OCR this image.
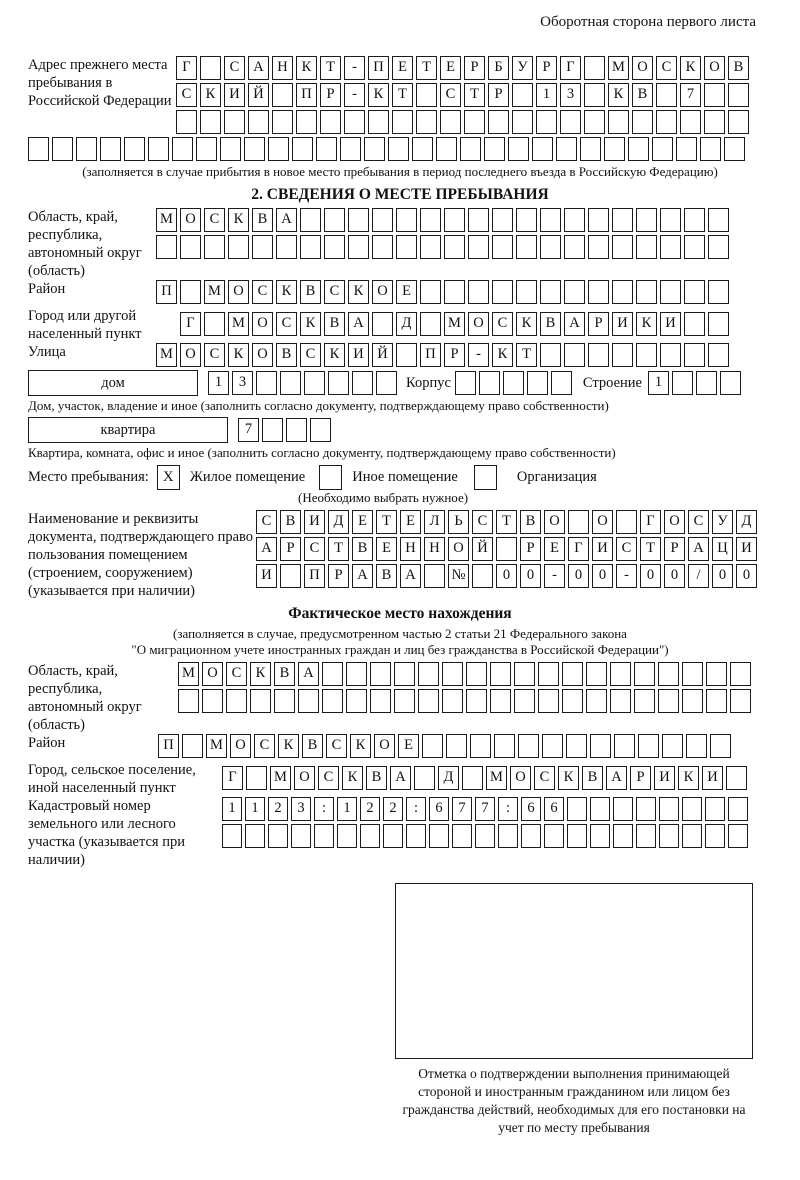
Оборотная сторона первого листа
Адрес прежнего места пребывания в Российской Федерации
Г	С А Н К Т - П Е Т Е Р Б У Р Г	М О С К О В
С К И Й	П Р - К Т	С Т Р	1 3	К В	7
(заполняется в случае прибытия в новое место пребывания в период последнего въезда в Российскую Федерацию)
2. СВЕДЕНИЯ О МЕСТЕ ПРЕБЫВАНИЯ
Область, край, республика, автономный округ (область)
М О С К В А
Район	П	М О С К В С К О Е
Город или другой населенный пункт
Г	М О С К В А	Д	М О С К В А Р И К И
Улица	М О С К О В С К И Й	П Р - К Т
дом	1 3	Корпус	Строение 1
Дом, участок, владение и иное (заполнить согласно документу, подтверждающему право собственности)
квартира	7
Квартира, комната, офис и иное (заполнить согласно документу, подтверждающему право собственности)
Место пребывания: X	Жилое помещение	Иное помещение	Организация
(Необходимо выбрать нужное)
Наименование и реквизиты документа, подтверждающего право пользования помещением (строением, сооружением) (указывается при наличии)
С В И Д Е Т Е Л Ь С Т В О	О	Г О С У Д
А Р С Т В Е Н Н О Й	Р Е Г И С Т Р А Ц И
И	П Р А В А №	0 0 - 0 0 - 0 0 / 0 0
Фактическое место нахождения
(заполняется в случае, предусмотренном частью 2 статьи 21 Федерального закона
"О миграционном учете иностранных граждан и лиц без гражданства в Российской Федерации")
Область, край, республика, автономный округ (область)
М О С К В А
Район	П	М О С К В С К О Е
Город, сельское поселение, иной населенный пункт
Г	М О С К В А	Д	М О С К В А Р И К И
Кадастровый номер земельного или лесного участка (указывается при наличии)
1 1 2 3 : 1 2 2 : 6 7 7 : 6 6
Отметка о подтверждении выполнения принимающей стороной и иностранным гражданином или лицом без гражданства действий, необходимых для его постановки на учет по месту пребывания
